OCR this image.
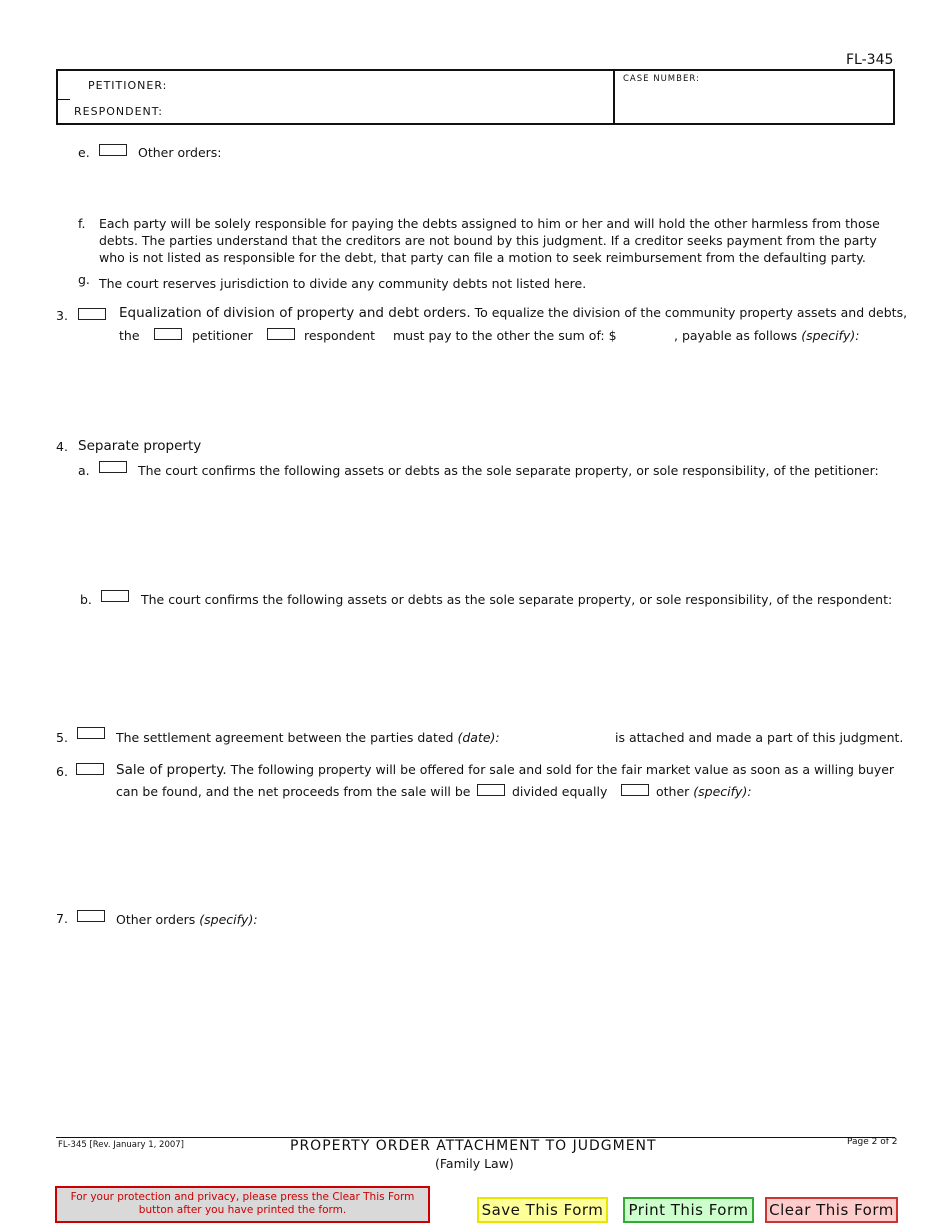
FL-345
PETITIONER:
RESPONDENT:
CASE NUMBER:
e.	Other orders:
f. Each party will be solely responsible for paying the debts assigned to him or her and will hold the other harmless from those
debts. The parties understand that the creditors are not bound by this judgment. If a creditor seeks payment from the party
who is not listed as responsible for the debt, that party can file a motion to seek reimbursement from the defaulting party.
g. The court reserves jurisdiction to divide any community debts not listed here.
3.	Equalization of division of property and debt orders. To equalize the division of the community property assets and debts,
the	petitioner	respondent must pay to the other the sum of: $	, payable as follows (specify):
4. Separate property
a.	The court confirms the following assets or debts as the sole separate property, or sole responsibility, of the petitioner:
b.	The court confirms the following assets or debts as the sole separate property, or sole responsibility, of the respondent:
5.	The settlement agreement between the parties dated (date):	is attached and made a part of this judgment.
6.	Sale of property. The following property will be offered for sale and sold for the fair market value as soon as a willing buyer
can be found, and the net proceeds from the sale will be	divided equally	other (specify):
7.	Other orders (specify):
FL-345 [Rev. January 1, 2007]	PROPERTY ORDER ATTACHMENT TO JUDGMENT
(Family Law)
Page 2 of 2
For your protection and privacy, please press the Clear This Form
button after you have printed the form.	Save This Form	Print This Form	Clear This Form
